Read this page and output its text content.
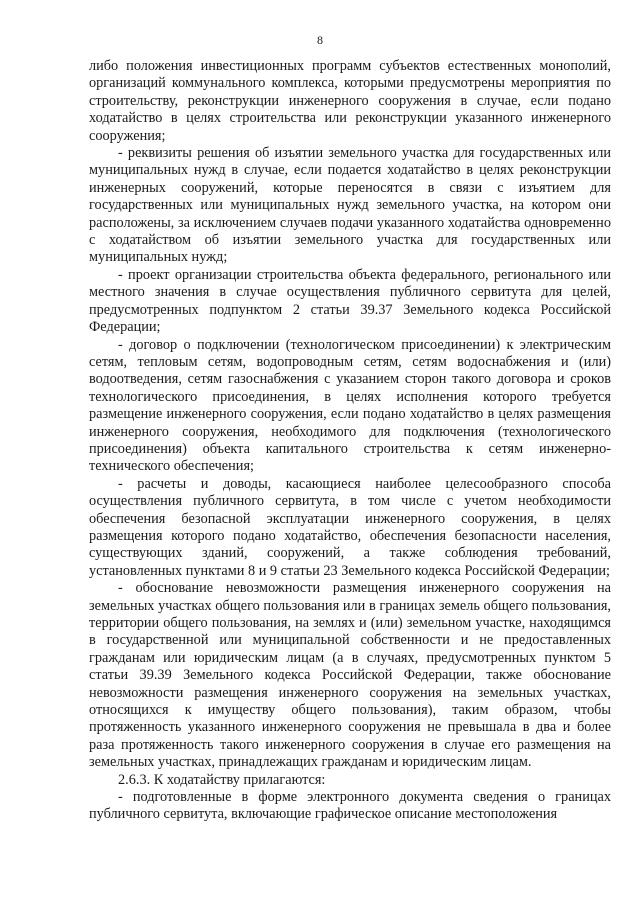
8

либо положения инвестиционных программ субъектов естественных монополий, организаций коммунального комплекса, которыми предусмотрены мероприятия по строительству, реконструкции инженерного сооружения в случае, если подано ходатайство в целях строительства или реконструкции указанного инженерного сооружения;

- реквизиты решения об изъятии земельного участка для государственных или муниципальных нужд в случае, если подается ходатайство в целях реконструкции инженерных сооружений, которые переносятся в связи с изъятием для государственных или муниципальных нужд земельного участка, на котором они расположены, за исключением случаев подачи указанного ходатайства одновременно с ходатайством об изъятии земельного участка для государственных или муниципальных нужд;

- проект организации строительства объекта федерального, регионального или местного значения в случае осуществления публичного сервитута для целей, предусмотренных подпунктом 2 статьи 39.37 Земельного кодекса Российской Федерации;

- договор о подключении (технологическом присоединении) к электрическим сетям, тепловым сетям, водопроводным сетям, сетям водоснабжения и (или) водоотведения, сетям газоснабжения с указанием сторон такого договора и сроков технологического присоединения, в целях исполнения которого требуется размещение инженерного сооружения, если подано ходатайство в целях размещения инженерного сооружения, необходимого для подключения (технологического присоединения) объекта капитального строительства к сетям инженерно-технического обеспечения;

- расчеты и доводы, касающиеся наиболее целесообразного способа осуществления публичного сервитута, в том числе с учетом необходимости обеспечения безопасной эксплуатации инженерного сооружения, в целях размещения которого подано ходатайство, обеспечения безопасности населения, существующих зданий, сооружений, а также соблюдения требований, установленных пунктами 8 и 9 статьи 23 Земельного кодекса Российской Федерации;

- обоснование невозможности размещения инженерного сооружения на земельных участках общего пользования или в границах земель общего пользования, территории общего пользования, на землях и (или) земельном участке, находящимся в государственной или муниципальной собственности и не предоставленных гражданам или юридическим лицам (а в случаях, предусмотренных пунктом 5 статьи 39.39 Земельного кодекса Российской Федерации, также обоснование невозможности размещения инженерного сооружения на земельных участках, относящихся к имуществу общего пользования), таким образом, чтобы протяженность указанного инженерного сооружения не превышала в два и более раза протяженность такого инженерного сооружения в случае его размещения на земельных участках, принадлежащих гражданам и юридическим лицам.

2.6.3. К ходатайству прилагаются:

- подготовленные в форме электронного документа сведения о границах публичного сервитута, включающие графическое описание местоположения
